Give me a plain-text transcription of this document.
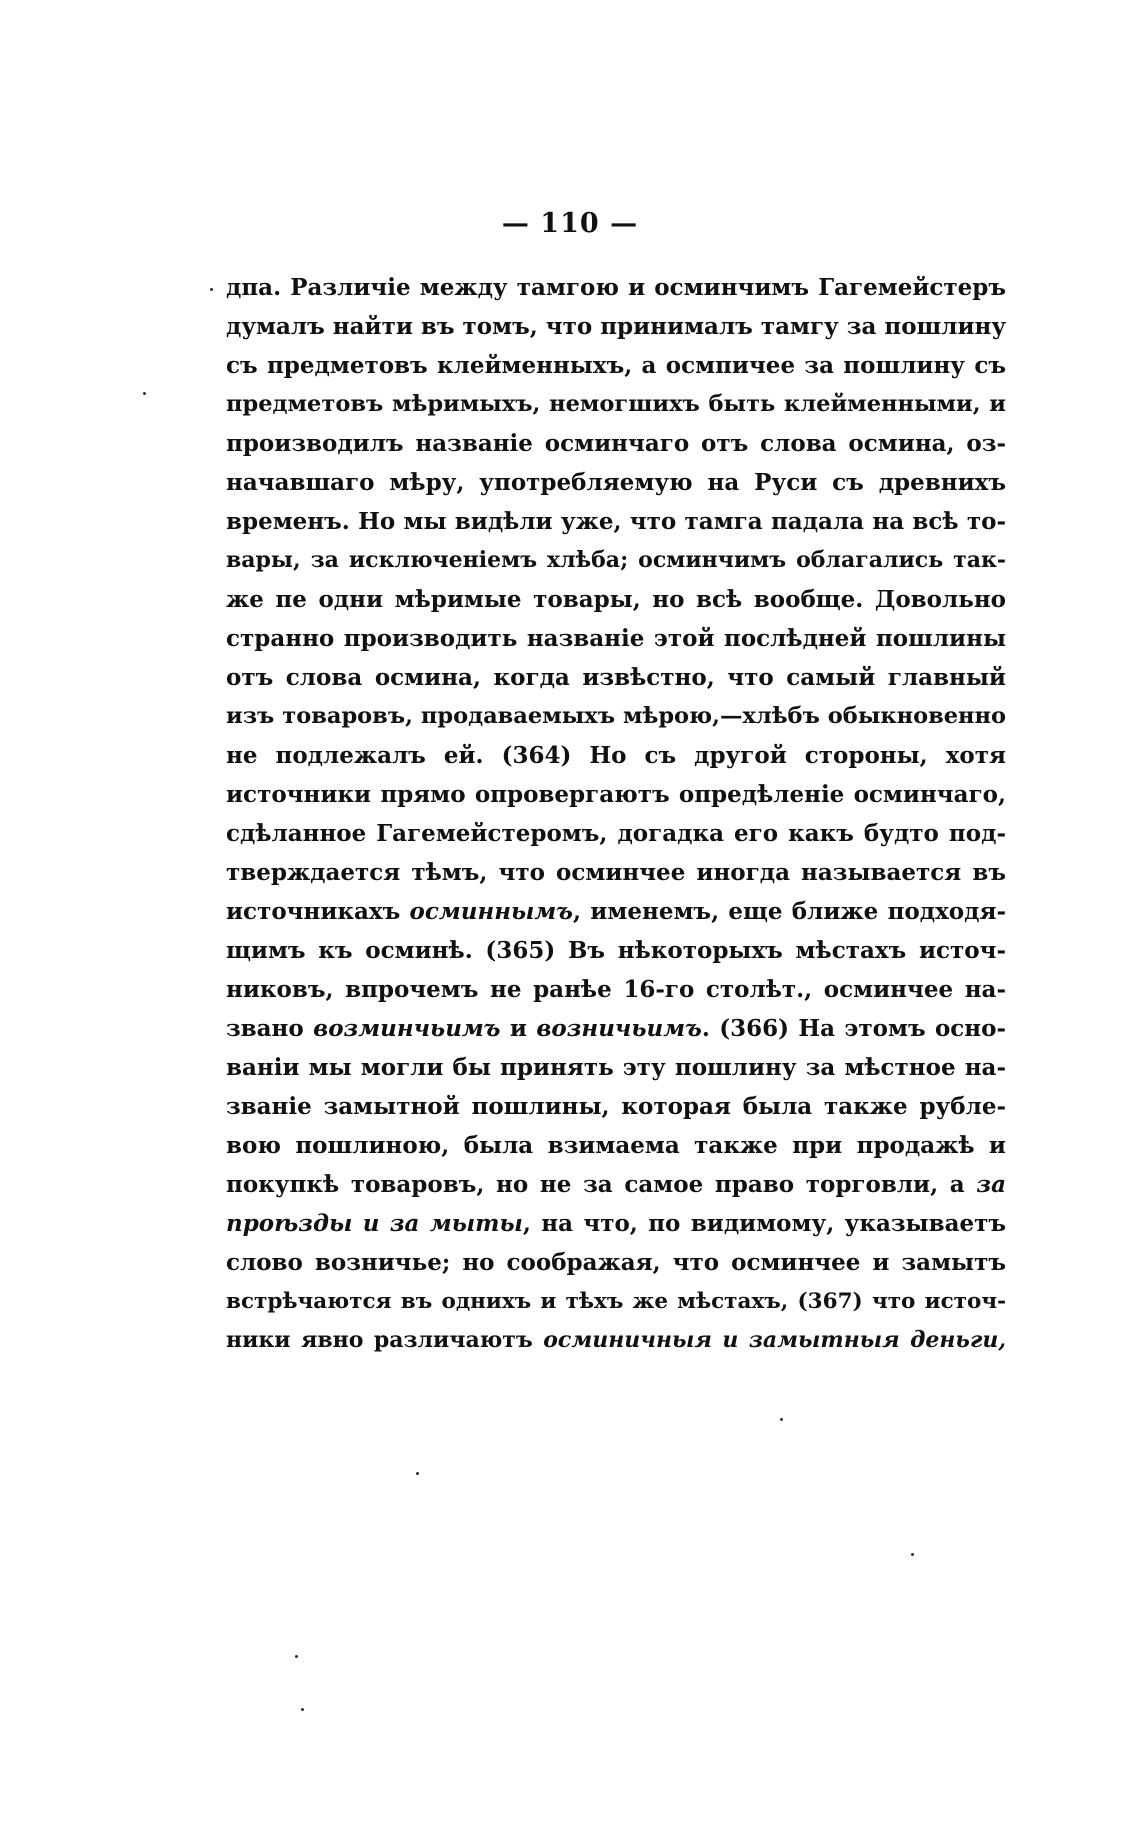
— 110 —
дпа. Различіе между тамгою и осминчимъ Гагемейстеръ
думалъ найти въ томъ, что принималъ тамгу за пошлину
съ предметовъ клейменныхъ, а осмпичее за пошлину съ
предметовъ мѣримыхъ, немогшихъ быть клейменными, и
производилъ названіе осминчаго отъ слова осмина, оз-
начавшаго мѣру, употребляемую на Руси съ древнихъ
временъ. Но мы видѣли уже, что тамга падала на всѣ то-
вары, за исключеніемъ хлѣба; осминчимъ облагались так-
же пе одни мѣримые товары, но всѣ вообще. Довольно
странно производить названіе этой послѣдней пошлины
отъ слова осмина, когда извѣстно, что самый главный
изъ товаровъ, продаваемыхъ мѣрою,—хлѣбъ обыкновенно
не подлежалъ ей. (364) Но съ другой стороны, хотя
источники прямо опровергаютъ опредѣленіе осминчаго,
сдѣланное Гагемейстеромъ, догадка его какъ будто под-
тверждается тѣмъ, что осминчее иногда называется въ
источникахъ осминнымъ, именемъ, еще ближе подходя-
щимъ къ осминѣ. (365) Въ нѣкоторыхъ мѣстахъ источ-
никовъ, впрочемъ не ранѣе 16-го столѣт., осминчее на-
звано возминчьимъ и возничьимъ. (366) На этомъ осно-
ваніи мы могли бы принять эту пошлину за мѣстное на-
званіе замытной пошлины, которая была также рубле-
вою пошлиною, была взимаема также при продажѣ и
покупкѣ товаровъ, но не за самое право торговли, а за
проѣзды и за мыты, на что, по видимому, указываетъ
слово возничье; но соображая, что осминчее и замытъ
встрѣчаются въ однихъ и тѣхъ же мѣстахъ, (367) что источ-
ники явно различаютъ осминичныя и замытныя деньги,
